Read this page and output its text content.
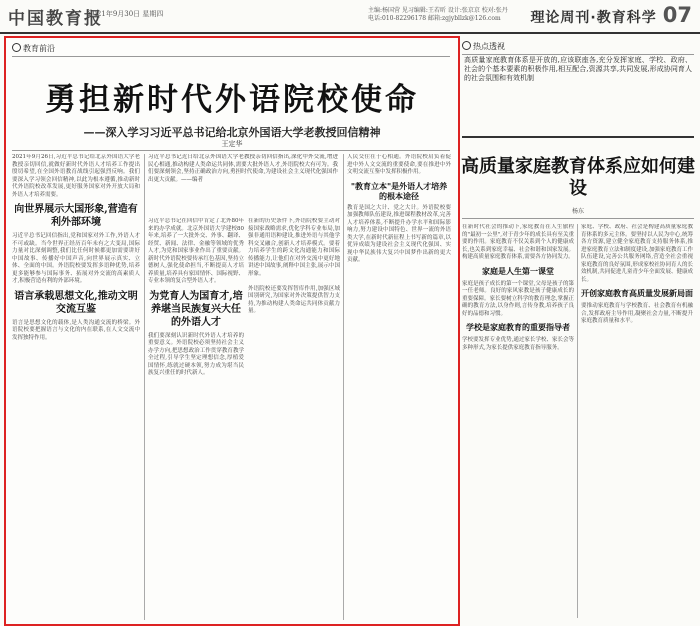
中国教育报
2021年9月30日 星期四	主编:杨国营 见习编辑:王若昕 设计:张京京 校对:张丹
电话:010-82296178 邮箱:zgjybllzk@126.com	理论周刊·教育科学 07
教育前沿
勇担新时代外语院校使命
——深入学习习近平总书记给北京外国语大学老教授回信精神
王定华
2021年9月26日,习近平总书记给北京外国语大学老教授亲切回信,就做好新时代外语人才培养工作提出殷切希望,在全国外语教育战线引起强烈反响。我们要深入学习领会回信精神,以此为根本遵循,推动新时代外语院校改革发展,更好服务国家对外开放大局和外语人才培养需要。
向世界展示大国形象,营造有利外部环境
习近平总书记回信指出,党和国家对外工作,外语人才不可或缺。当今世界正经历百年未有之大变局,国际力量对比深刻调整,我们比任何时候都更加需要讲好中国故事、传播好中国声音,向世界展示真实、立体、全面的中国。外语院校要发挥多语种优势,培养更多能够参与国际事务、拓展对外交流的高素质人才,积极营造有利的外部环境。
语言承载思想文化,推动文明交流互鉴
语言是思想文化的载体,是人类沟通交流的桥梁。外语院校要把握语言与文化的内在联系,在人文交流中发挥独特作用。
习近平总书记近日给北京外国语大学老教授亲切回信指出,深化中外交流,增进民心相通,推动构建人类命运共同体,需要大批外语人才,外语院校大有可为。我们要深刻领会,坚持正确政治方向,勇担时代使命,为建设社会主义现代化强国作出更大贡献。——编者
习近平总书记在回信中肯定了北外80年来的办学成就。北京外国语大学建校80年来,培养了一大批外交、外事、翻译、经贸、新闻、法律、金融等领域的优秀人才,为党和国家事业作出了重要贡献。新时代外语院校要传承红色基因,坚持立德树人,强化使命担当,不断提高人才培养质量,培养具有家国情怀、国际视野、专业本领的复合型外语人才。
为党育人为国育才,培养堪当民族复兴大任的外语人才
我们要深刻认识新时代外语人才培养的重要意义。外语院校必须坚持社会主义办学方向,把思想政治工作贯穿教育教学全过程,引导学生坚定理想信念,厚植爱国情怀,练就过硬本领,努力成为堪当民族复兴重任的时代新人。
在新的历史条件下,外语院校要主动对接国家战略需求,优化学科专业布局,加强非通用语种建设,推进外语与其他学科交叉融合,创新人才培养模式。要着力培养学生的跨文化沟通能力和国际传播能力,让他们在对外交流中更好地讲述中国故事,阐释中国主张,展示中国形象。

外语院校还要发挥智库作用,加强区域国别研究,为国家对外决策提供智力支持,为推动构建人类命运共同体贡献力量。
人民交往在于心相通。外语院校肩负着促进中外人文交流的重要使命,要在推进中外文明交流互鉴中发挥积极作用。
"教育立本"是外语人才培养的根本途径
教育是国之大计、党之大计。外语院校要加强教师队伍建设,推进课程教材改革,完善人才培养体系,不断提升办学水平和国际影响力,努力建设中国特色、世界一流的外语类大学,在新时代新征程上书写新的篇章,以优异成绩为建设社会主义现代化强国、实现中华民族伟大复兴中国梦作出新的更大贡献。
热点透视
高质量家庭教育体系是开放的,应该联座各,充分发挥家庭、学校、政府、社会的个基本要素的积极作用,相互配合,资源共享,共同发展,形成协同育人的社会氛围和有效机制
高质量家庭教育体系应如何建设
杨东
在新时代社会的推动下,家庭教育在人生旅程的"最初一公里",对于青少年的成长具有至关重要的作用。家庭教育不仅关系到个人的健康成长,也关系到家庭幸福、社会和谐和国家发展。构建高质量家庭教育体系,需要各方协同发力。
家庭是人生第一课堂
家庭是孩子成长的第一个课堂,父母是孩子的第一任老师。良好的家风家教是孩子健康成长的重要保障。家长要树立科学的教育理念,掌握正确的教育方法,以身作则,言传身教,培养孩子良好的品德和习惯。
学校是家庭教育的重要指导者
学校要发挥专业优势,通过家长学校、家长会等多种形式,为家长提供家庭教育指导服务。
家庭、学校、政府、社会是构建高质量家庭教育体系的多元主体。要坚持以人民为中心,统筹各方资源,建立健全家庭教育支持服务体系,推进家庭教育立法和制度建设,加强家庭教育工作队伍建设,完善公共服务网络,营造全社会重视家庭教育的良好氛围,形成家校社协同育人的长效机制,共同促进儿童青少年全面发展、健康成长。
开创家庭教育高质量发展新局面
要推动家庭教育与学校教育、社会教育有机融合,发挥政府主导作用,凝聚社会力量,不断提升家庭教育质量和水平。
